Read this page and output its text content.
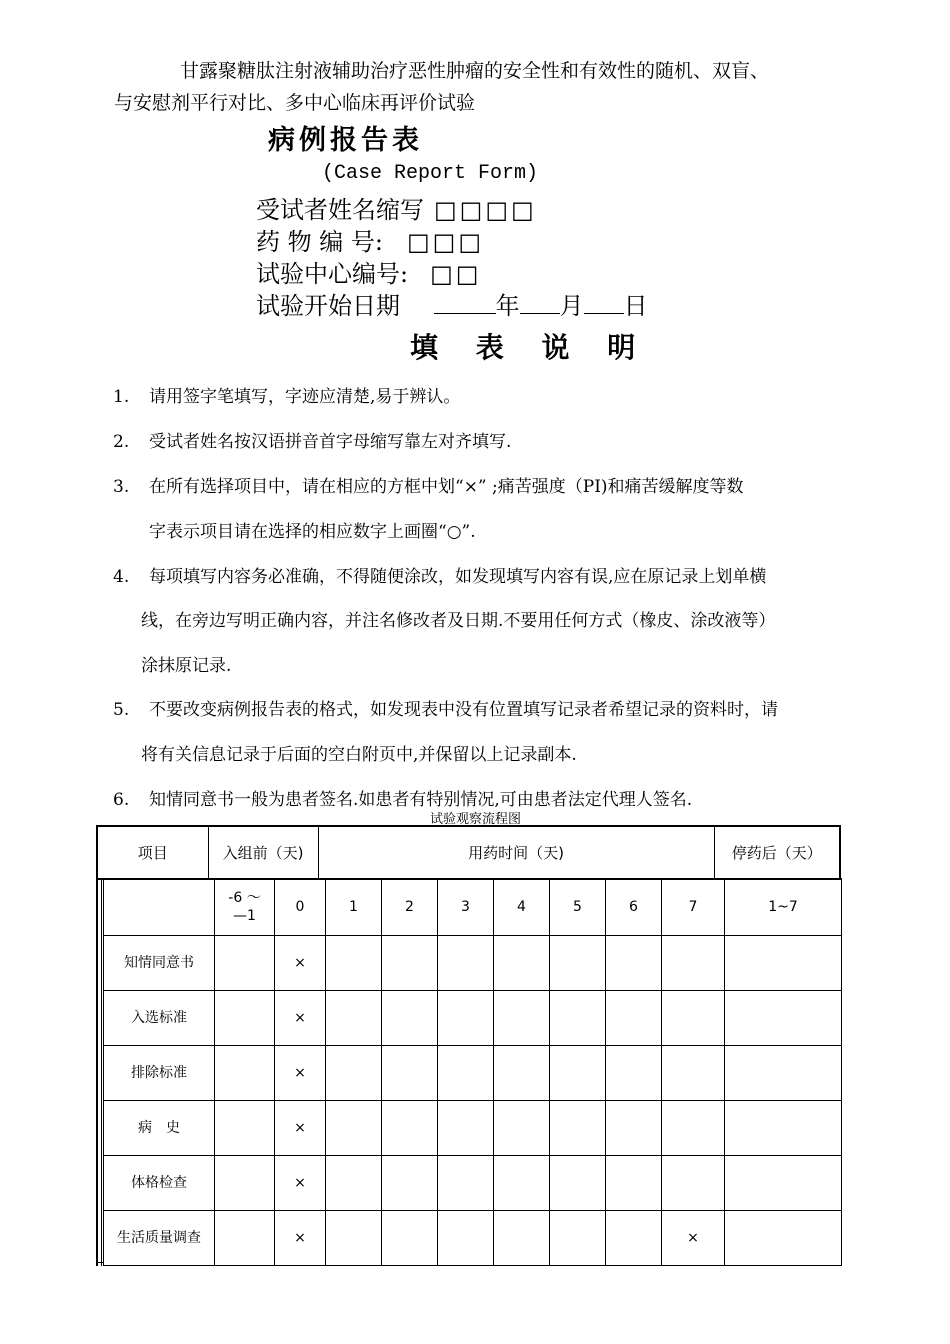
甘露聚糖肽注射液辅助治疗恶性肿瘤的安全性和有效性的随机、双盲、
与安慰剂平行对比、多中心临床再评价试验
病例报告表
(Case Report Form)
受试者姓名缩写 □□□□
药 物 编 号: □□□
试验中心编号: □□
试验开始日期	年 月 日
填 表 说 明
1. 请用签字笔填写，字迹应清楚,易于辨认。
2. 受试者姓名按汉语拼音首字母缩写靠左对齐填写.
3. 在所有选择项目中，请在相应的方框中划“×” ;痛苦强度（PI)和痛苦缓解度等数
字表示项目请在选择的相应数字上画圈“○”.
4. 每项填写内容务必准确，不得随便涂改，如发现填写内容有误,应在原记录上划单横
线，在旁边写明正确内容，并注名修改者及日期.不要用任何方式（橡皮、涂改液等）
涂抹原记录.
5. 不要改变病例报告表的格式，如发现表中没有位置填写记录者希望记录的资料时，请
将有关信息记录于后面的空白附页中,并保留以上记录副本.
6. 知情同意书一般为患者签名.如患者有特别情况,可由患者法定代理人签名.
试验观察流程图
项目	入组前（天)	用药时间（天)	停药后（天）
	-6 ～ —1	0	1	2	3	4	5	6	7	1~7
知情同意书		×								
入选标准		×								
排除标准		×								
病　史		×								
体格检查		×								
生活质量调查		×							×	
